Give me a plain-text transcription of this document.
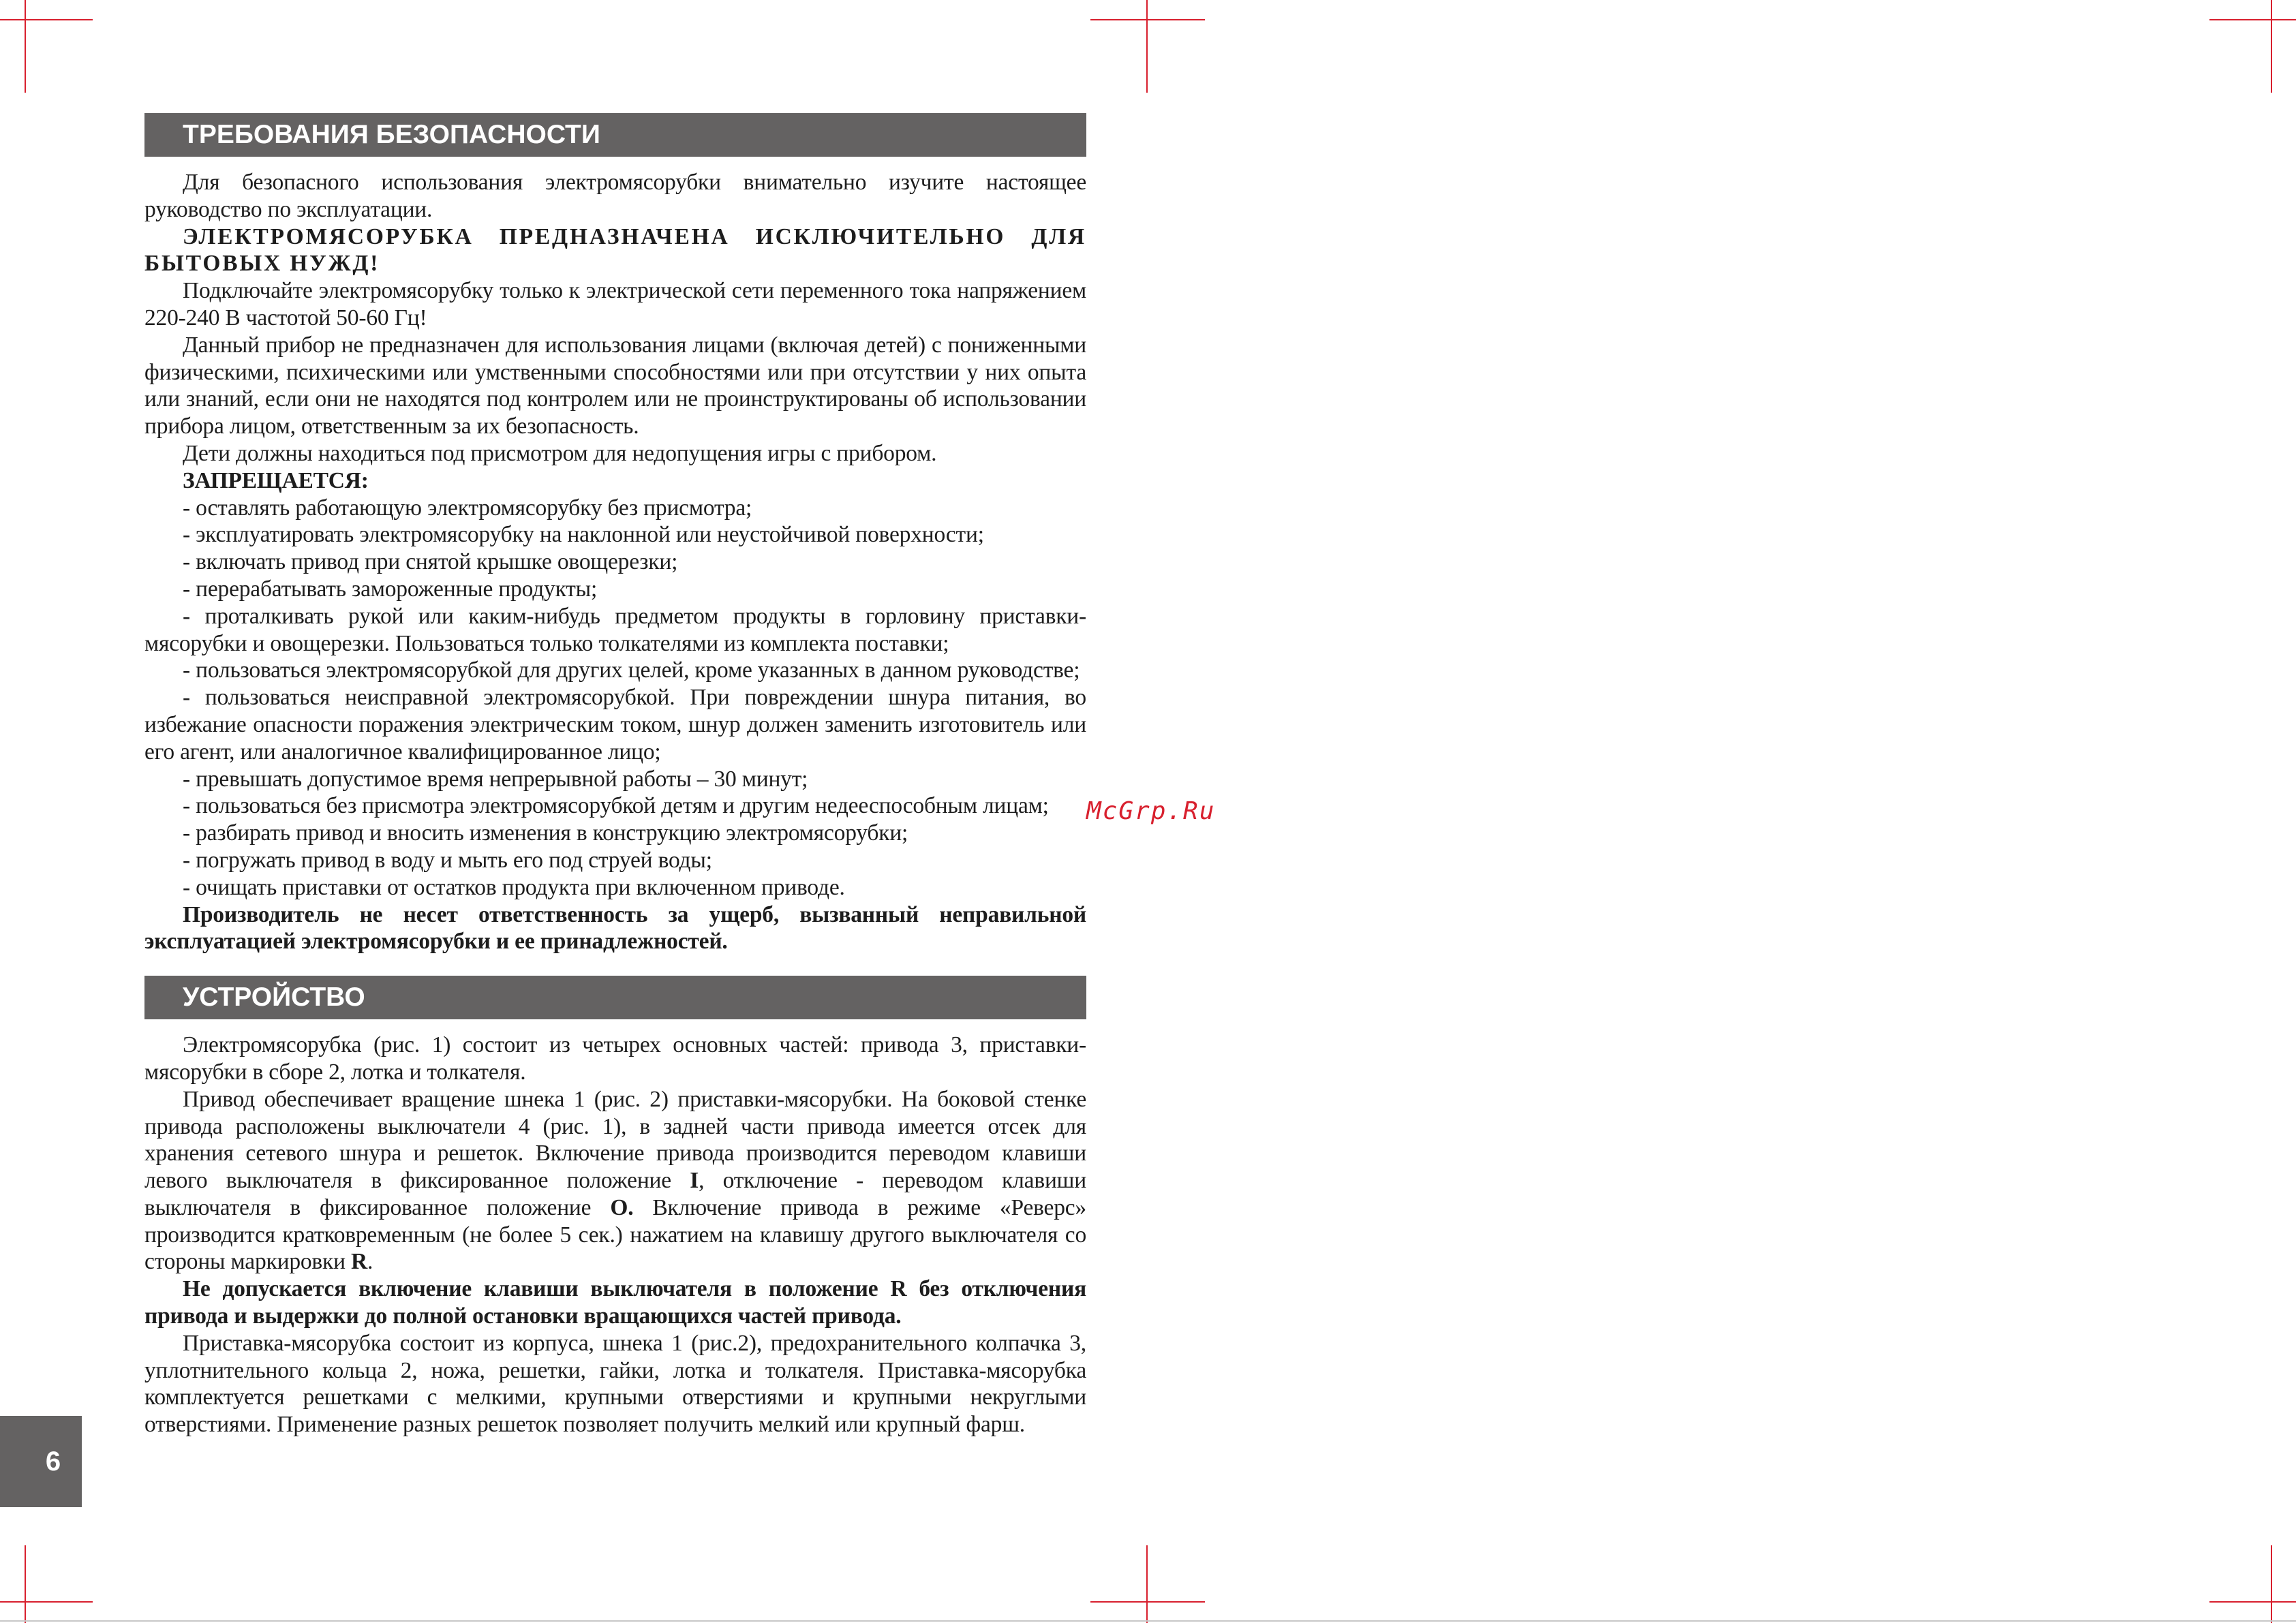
ТРЕБОВАНИЯ БЕЗОПАСНОСТИ

Для безопасного использования электромясорубки внимательно изучите настоящее руководство по эксплуатации.

ЭЛЕКТРОМЯСОРУБКА ПРЕДНАЗНАЧЕНА ИСКЛЮЧИТЕЛЬНО ДЛЯ БЫТОВЫХ НУЖД!

Подключайте электромясорубку только к электрической сети переменного тока напряжением 220-240 В частотой 50-60 Гц!

Данный прибор не предназначен для использования лицами (включая детей) с пониженными физическими, психическими или умственными способностями или при отсутствии у них опыта или знаний, если они не находятся под контролем или не проинструктированы об использовании прибора лицом, ответственным за их безопасность.

Дети должны находиться под присмотром для недопущения игры с прибором.

ЗАПРЕЩАЕТСЯ:

- оставлять работающую электромясорубку без присмотра;

- эксплуатировать электромясорубку на наклонной или неустойчивой поверхности;

- включать привод при снятой крышке овощерезки;

- перерабатывать замороженные продукты;

- проталкивать рукой или каким-нибудь предметом продукты в горловину приставки-мясорубки и овощерезки. Пользоваться только толкателями из комплекта поставки;

- пользоваться электромясорубкой для других целей, кроме указанных в данном руководстве;

- пользоваться неисправной электромясорубкой. При повреждении шнура питания, во избежание опасности поражения электрическим током, шнур должен заменить изготовитель или его агент, или аналогичное квалифицированное лицо;

- превышать допустимое время непрерывной работы – 30 минут;

- пользоваться без присмотра электромясорубкой детям и другим недееспособным лицам;

- разбирать привод и вносить изменения в конструкцию электромясорубки;

- погружать привод в воду и мыть его под струей воды;

- очищать приставки от остатков продукта при включенном приводе.

Производитель не несет ответственность за ущерб, вызванный неправильной эксплуатацией электромясорубки и ее принадлежностей.

УСТРОЙСТВО

Электромясорубка (рис. 1) состоит из четырех основных частей: привода 3, приставки-мясорубки в сборе 2, лотка и толкателя.

Привод обеспечивает вращение шнека 1 (рис. 2) приставки-мясорубки. На боковой стенке привода расположены выключатели 4 (рис. 1), в задней части привода имеется отсек для хранения сетевого шнура и решеток. Включение привода производится переводом клавиши левого выключателя в фиксированное положение I, отключение - переводом клавиши выключателя в фиксированное положение О. Включение привода в режиме «Реверс» производится кратковременным (не более 5 сек.) нажатием на клавишу другого выключателя со стороны маркировки R.

Не допускается включение клавиши выключателя в положение R без отключения привода и выдержки до полной остановки вращающихся частей привода.

Приставка-мясорубка состоит из корпуса, шнека 1 (рис.2), предохранительного колпачка 3, уплотнительного кольца 2, ножа, решетки, гайки, лотка и толкателя. Приставка-мясорубка комплектуется решетками с мелкими, крупными отверстиями и крупными некруглыми отверстиями. Применение разных решеток позволяет получить мелкий или крупный фарш.

McGrp.Ru
6
